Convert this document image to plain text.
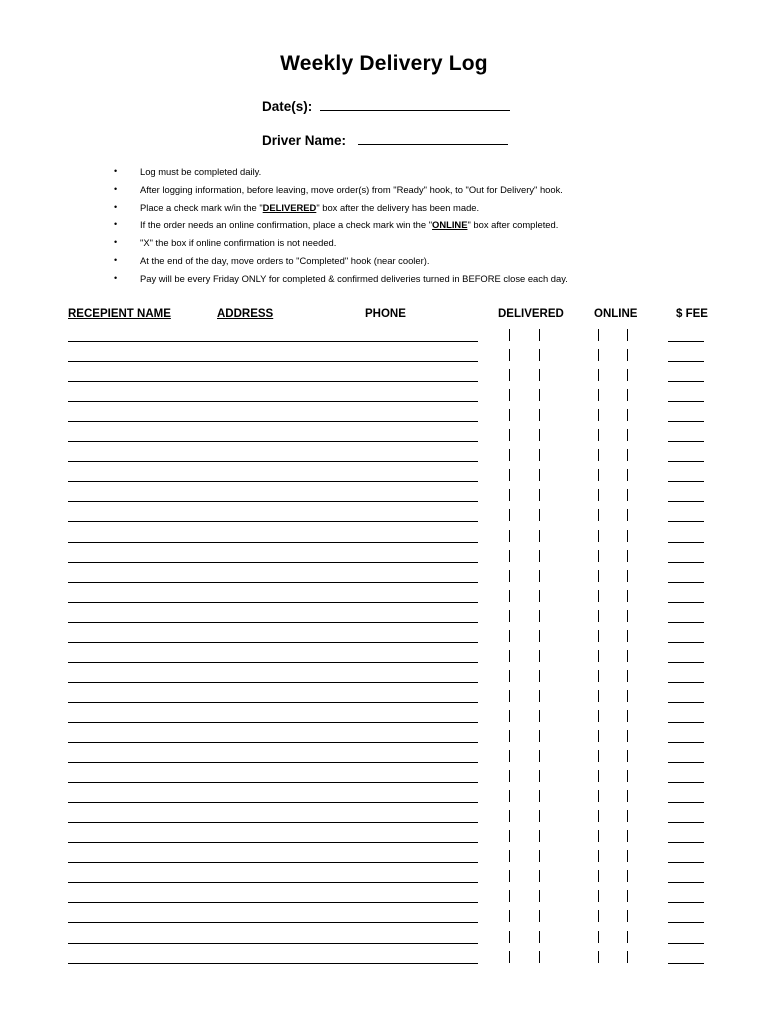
Weekly Delivery Log
Date(s):
Driver Name:
• Log must be completed daily.
• After logging information, before leaving, move order(s) from "Ready" hook, to "Out for Delivery" hook.
• Place a check mark w/in the "DELIVERED" box after the delivery has been made.
• If the order needs an online confirmation, place a check mark win the "ONLINE" box after completed.
• "X" the box if online confirmation is not needed.
• At the end of the day, move orders to "Completed" hook (near cooler).
• Pay will be every Friday ONLY for completed & confirmed deliveries turned in BEFORE close each day.
RECEPIENT NAME	ADDRESS	PHONE	DELIVERED	ONLINE	$ FEE
